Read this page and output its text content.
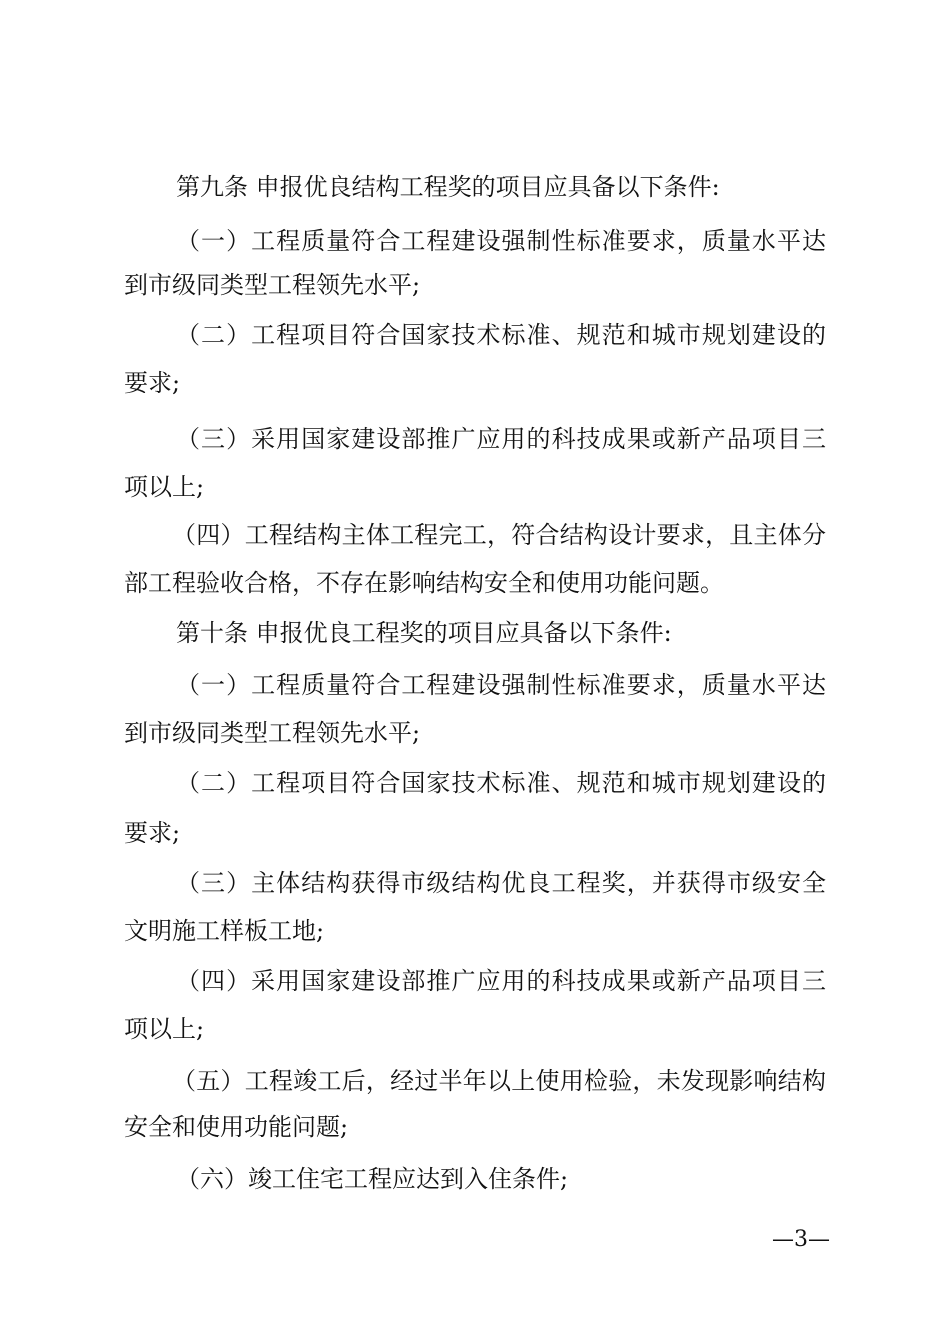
第九条 申报优良结构工程奖的项目应具备以下条件:
（一）工程质量符合工程建设强制性标准要求，质量水平达
到市级同类型工程领先水平;
（二）工程项目符合国家技术标准、规范和城市规划建设的
要求;
（三）采用国家建设部推广应用的科技成果或新产品项目三
项以上;
（四）工程结构主体工程完工，符合结构设计要求，且主体分
部工程验收合格，不存在影响结构安全和使用功能问题。
第十条 申报优良工程奖的项目应具备以下条件:
（一）工程质量符合工程建设强制性标准要求，质量水平达
到市级同类型工程领先水平;
（二）工程项目符合国家技术标准、规范和城市规划建设的
要求;
（三）主体结构获得市级结构优良工程奖，并获得市级安全
文明施工样板工地;
（四）采用国家建设部推广应用的科技成果或新产品项目三
项以上;
（五）工程竣工后，经过半年以上使用检验，未发现影响结构
安全和使用功能问题;
（六）竣工住宅工程应达到入住条件;
—3—
